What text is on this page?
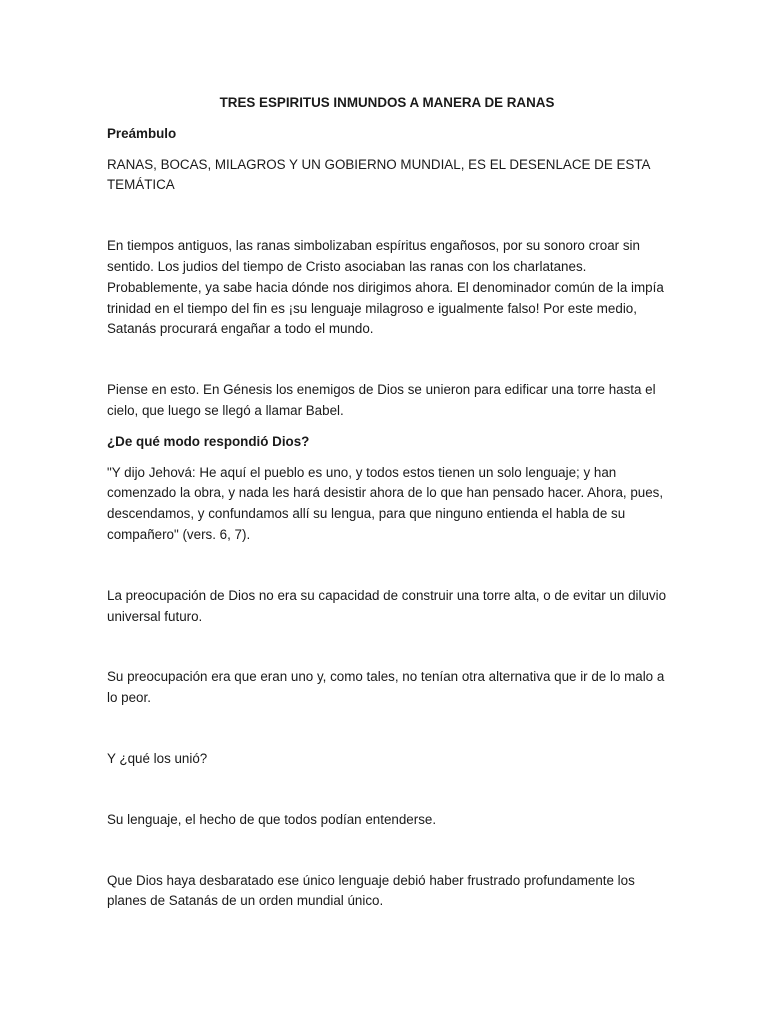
TRES ESPIRITUS INMUNDOS A MANERA DE RANAS

Preámbulo

RANAS, BOCAS, MILAGROS Y UN GOBIERNO MUNDIAL, ES EL DESENLACE DE ESTA TEMÁTICA

En tiempos antiguos, las ranas simbolizaban espíritus engañosos, por su sonoro croar sin sentido. Los judios del tiempo de Cristo asociaban las ranas con los charlatanes. Probablemente, ya sabe hacia dónde nos dirigimos ahora. El denominador común de la impía trinidad en el tiempo del fin es ¡su lenguaje milagroso e igualmente falso! Por este medio, Satanás procurará engañar a todo el mundo.

Piense en esto. En Génesis los enemigos de Dios se unieron para edificar una torre hasta el cielo, que luego se llegó a llamar Babel.

¿De qué modo respondió Dios?

"Y dijo Jehová: He aquí el pueblo es uno, y todos estos tienen un solo lenguaje; y han comenzado la obra, y nada les hará desistir ahora de lo que han pensado hacer. Ahora, pues, descendamos, y confundamos allí su lengua, para que ninguno entienda el habla de su compañero" (vers. 6, 7).

La preocupación de Dios no era su capacidad de construir una torre alta, o de evitar un diluvio universal futuro.

Su preocupación era que eran uno y, como tales, no tenían otra alternativa que ir de lo malo a lo peor.

Y ¿qué los unió?

Su lenguaje, el hecho de que todos podían entenderse.

Que Dios haya desbaratado ese único lenguaje debió haber frustrado profundamente los planes de Satanás de un orden mundial único.
